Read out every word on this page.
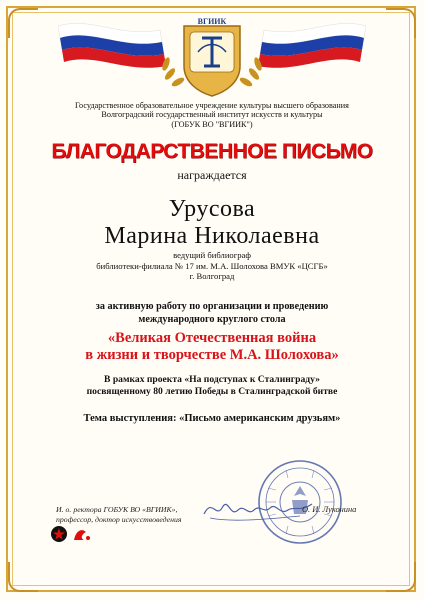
ВГИИК
Государственное образовательное учреждение культуры высшего образования
Волгоградский государственный институт искусств и культуры
(ГОБУК ВО "ВГИИК")
БЛАГОДАРСТВЕННОЕ ПИСЬМО
награждается
Урусова
Марина Николаевна
ведущий библиограф
библиотеки-филиала № 17 им. М.А. Шолохова ВМУК «ЦСГБ»
г. Волгоград
за активную работу по организации и проведению
международного круглого стола
«Великая Отечественная война
в жизни и творчестве М.А. Шолохова»
В рамках проекта «На подступах к Сталинграду»
посвященному 80 летию Победы в Сталинградской битве
Тема выступления: «Письмо американским друзьям»
И. о. ректора ГОБУК ВО «ВГИИК»,
профессор, доктор искусствоведения
О. И. Луконина
